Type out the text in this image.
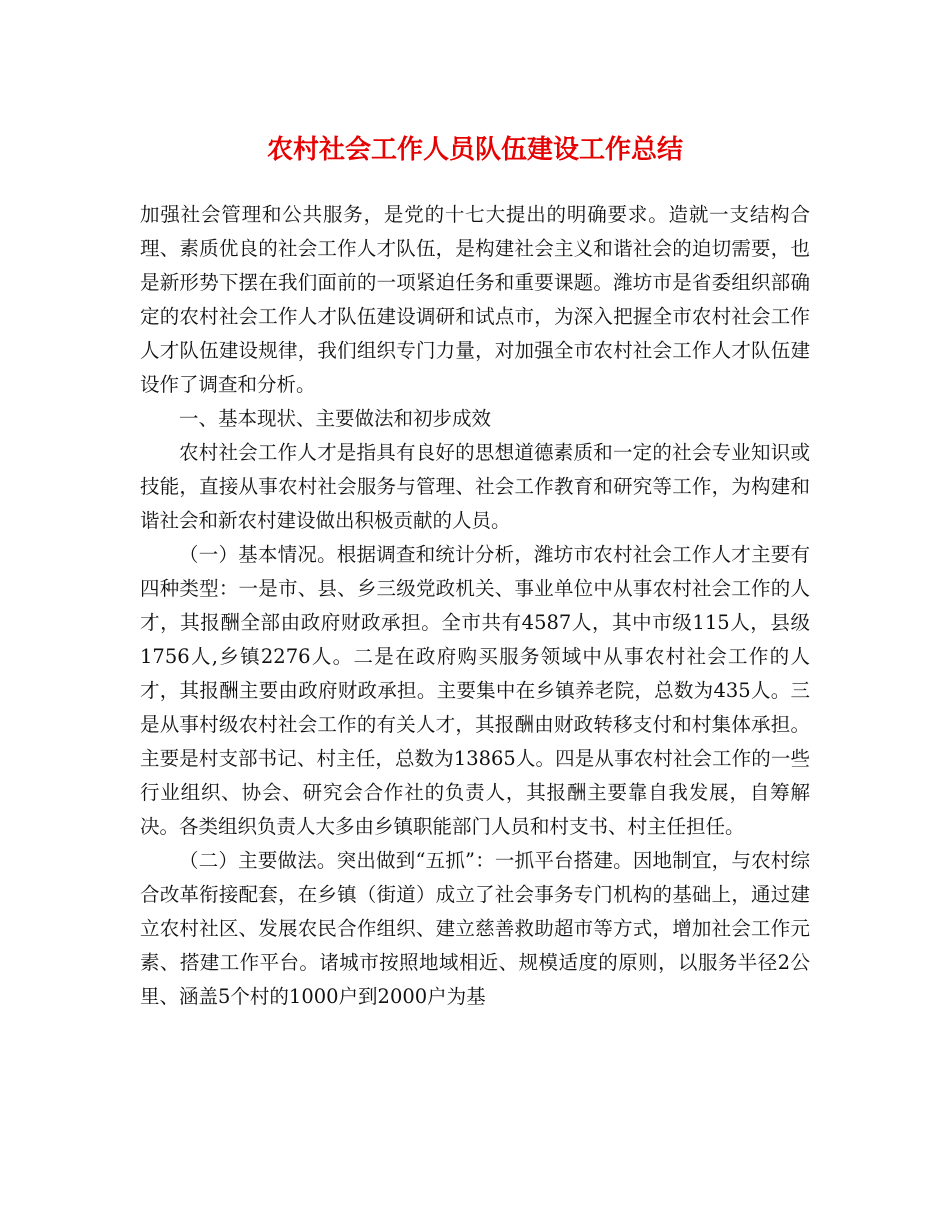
农村社会工作人员队伍建设工作总结

加强社会管理和公共服务，是党的十七大提出的明确要求。造就一支结构合理、素质优良的社会工作人才队伍，是构建社会主义和谐社会的迫切需要，也是新形势下摆在我们面前的一项紧迫任务和重要课题。潍坊市是省委组织部确定的农村社会工作人才队伍建设调研和试点市，为深入把握全市农村社会工作人才队伍建设规律，我们组织专门力量，对加强全市农村社会工作人才队伍建设作了调查和分析。

一、基本现状、主要做法和初步成效

农村社会工作人才是指具有良好的思想道德素质和一定的社会专业知识或技能，直接从事农村社会服务与管理、社会工作教育和研究等工作，为构建和谐社会和新农村建设做出积极贡献的人员。

（一）基本情况。根据调查和统计分析，潍坊市农村社会工作人才主要有四种类型：一是市、县、乡三级党政机关、事业单位中从事农村社会工作的人才，其报酬全部由政府财政承担。全市共有4587人，其中市级115人，县级1756人,乡镇2276人。二是在政府购买服务领域中从事农村社会工作的人才，其报酬主要由政府财政承担。主要集中在乡镇养老院，总数为435人。三是从事村级农村社会工作的有关人才，其报酬由财政转移支付和村集体承担。主要是村支部书记、村主任，总数为13865人。四是从事农村社会工作的一些行业组织、协会、研究会合作社的负责人，其报酬主要靠自我发展，自筹解决。各类组织负责人大多由乡镇职能部门人员和村支书、村主任担任。

（二）主要做法。突出做到“五抓”：一抓平台搭建。因地制宜，与农村综合改革衔接配套，在乡镇（街道）成立了社会事务专门机构的基础上，通过建立农村社区、发展农民合作组织、建立慈善救助超市等方式，增加社会工作元素、搭建工作平台。诸城市按照地域相近、规模适度的原则，以服务半径2公里、涵盖5个村的1000户到2000户为基
